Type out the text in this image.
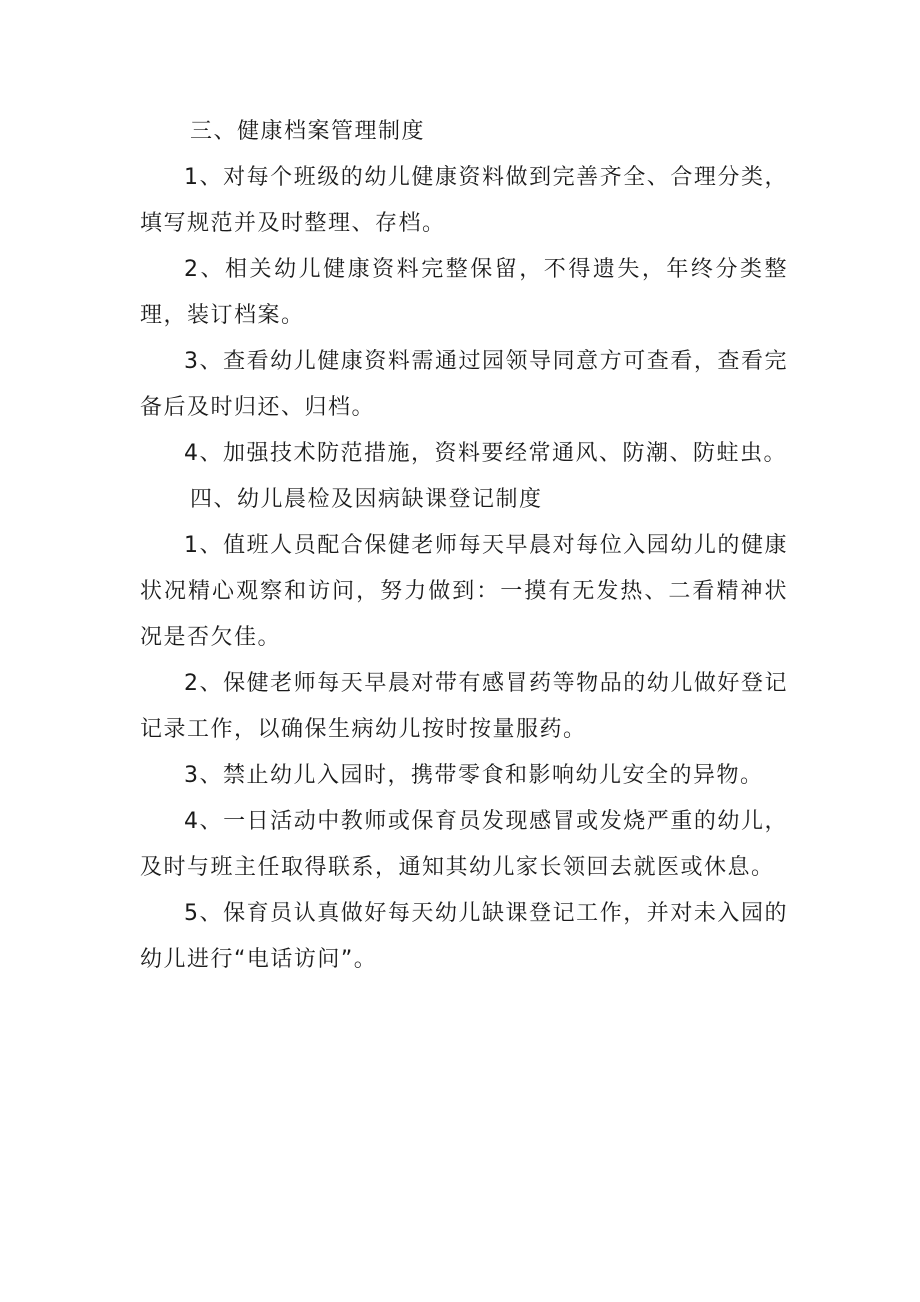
三、健康档案管理制度

1、对每个班级的幼儿健康资料做到完善齐全、合理分类，填写规范并及时整理、存档。

2、相关幼儿健康资料完整保留，不得遗失，年终分类整理，装订档案。

3、查看幼儿健康资料需通过园领导同意方可查看，查看完备后及时归还、归档。

4、加强技术防范措施，资料要经常通风、防潮、防蛀虫。

四、幼儿晨检及因病缺课登记制度

1、值班人员配合保健老师每天早晨对每位入园幼儿的健康状况精心观察和访问，努力做到：一摸有无发热、二看精神状况是否欠佳。

2、保健老师每天早晨对带有感冒药等物品的幼儿做好登记记录工作，以确保生病幼儿按时按量服药。

3、禁止幼儿入园时，携带零食和影响幼儿安全的异物。

4、一日活动中教师或保育员发现感冒或发烧严重的幼儿，及时与班主任取得联系，通知其幼儿家长领回去就医或休息。

5、保育员认真做好每天幼儿缺课登记工作，并对未入园的幼儿进行“电话访问”。
